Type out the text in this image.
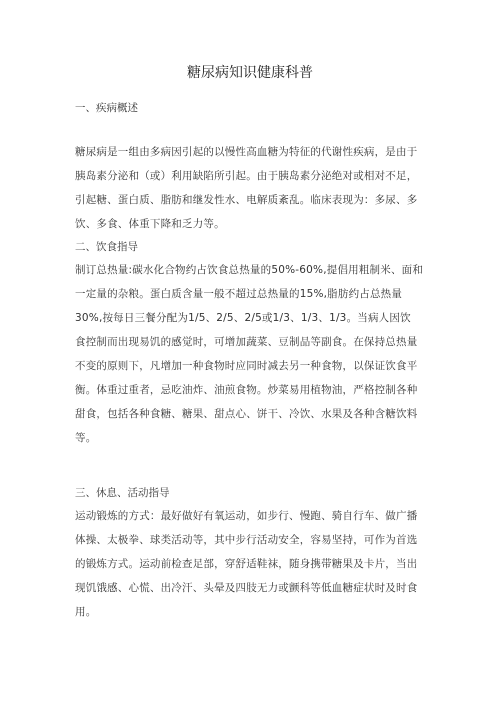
糖尿病知识健康科普
一、疾病概述
糖尿病是一组由多病因引起的以慢性高血糖为特征的代谢性疾病，是由于
胰岛素分泌和（或）利用缺陷所引起。由于胰岛素分泌绝对或相对不足，
引起糖、蛋白质、脂肪和继发性水、电解质紊乱。临床表现为：多尿、多
饮、多食、体重下降和乏力等。
二、饮食指导
制订总热量:碳水化合物约占饮食总热量的50%-60%,提倡用粗制米、面和
一定量的杂粮。蛋白质含量一般不超过总热量的15%,脂肪约占总热量
30%,按每日三餐分配为1/5、2/5、2/5或1/3、1/3、1/3。当病人因饮
食控制而出现易饥的感觉时，可增加蔬菜、豆制品等副食。在保持总热量
不变的原则下，凡增加一种食物时应同时减去另一种食物，以保证饮食平
衡。体重过重者，忌吃油炸、油煎食物。炒菜易用植物油，严格控制各种
甜食，包括各种食糖、糖果、甜点心、饼干、冷饮、水果及各种含糖饮料
等。
三、休息、活动指导
运动锻炼的方式：最好做好有氧运动，如步行、慢跑、骑自行车、做广播
体操、太极拳、球类活动等，其中步行活动安全，容易坚持，可作为首选
的锻炼方式。运动前检查足部，穿舒适鞋袜，随身携带糖果及卡片，当出
现饥饿感、心慌、出冷汗、头晕及四肢无力或颤科等低血糖症状时及时食
用。
